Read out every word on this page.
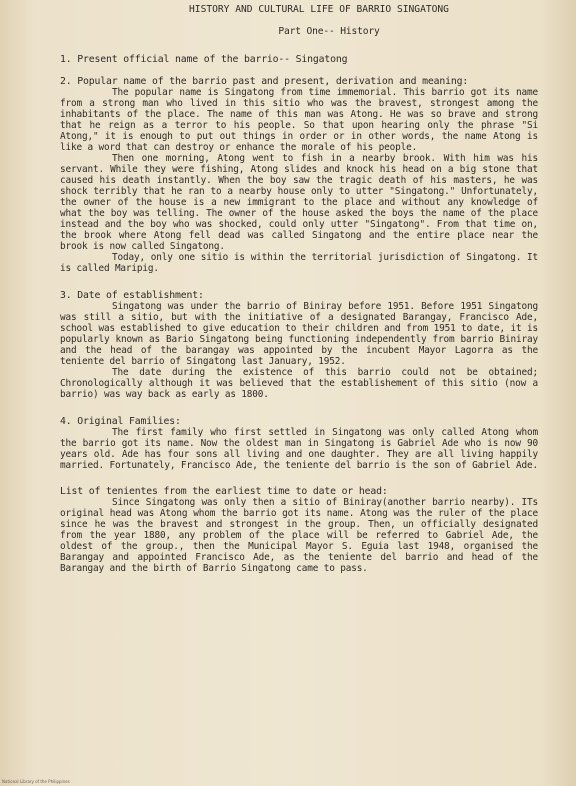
HISTORY AND CULTURAL LIFE OF BARRIO SINGATONG
Part One-- History
1. Present official name of the barrio-- Singatong
2. Popular name of the barrio past and present, derivation and meaning:

The popular name is Singatong from time immemorial. This barrio got its name from a strong man who lived in this sitio who was the bravest, strongest among the inhabitants of the place. The name of this man was Atong. He was so brave and strong that he reign as a terror to his people. So that upon hearing only the phrase "Si Atong," it is enough to put out things in order or in other words, the name Atong is like a word that can destroy or enhance the morale of his people.

Then one morning, Atong went to fish in a nearby brook. With him was his servant. While they were fishing, Atong slides and knock his head on a big stone that caused his death instantly. When the boy saw the tragic death of his masters, he was shock terribly that he ran to a nearby house only to utter "Singatong." Unfortunately, the owner of the house is a new immigrant to the place and without any knowledge of what the boy was telling. The owner of the house asked the boys the name of the place instead and the boy who was shocked, could only utter "Singatong". From that time on, the brook where Atong fell dead was called Singatong and the entire place near the brook is now called Singatong.

Today, only one sitio is within the territorial jurisdiction of Singatong. It is called Maripig.

3. Date of establishment:

Singatong was under the barrio of Biniray before 1951. Before 1951 Singatong was still a sitio, but with the initiative of a designated Barangay, Francisco Ade, school was established to give education to their children and from 1951 to date, it is popularly known as Bario Singatong being functioning independently from barrio Biniray and the head of the barangay was appointed by the incubent Mayor Lagorra as the teniente del barrio of Singatong last January, 1952.

The date during the existence of this barrio could not be obtained; Chronologically although it was believed that the establishement of this sitio (now a barrio) was way back as early as 1800.

4. Original Families:

The first family who first settled in Singatong was only called Atong whom the barrio got its name. Now the oldest man in Singatong is Gabriel Ade who is now 90 years old. Ade has four sons all living and one daughter. They are all living happily married. Fortunately, Francisco Ade, the teniente del barrio is the son of Gabriel Ade.

List of tenientes from the earliest time to date or head:

Since Singatong was only then a sitio of Biniray(another barrio nearby). ITs original head was Atong whom the barrio got its name. Atong was the ruler of the place since he was the bravest and strongest in the group. Then, un officially designated from the year 1880, any problem of the place will be referred to Gabriel Ade, the oldest of the group., then the Municipal Mayor S. Eguia last 1948, organised the Barangay and appointed Francisco Ade, as the teniente del barrio and head of the Barangay and the birth of Barrio Singatong came to pass.

National Library of the Philippines
